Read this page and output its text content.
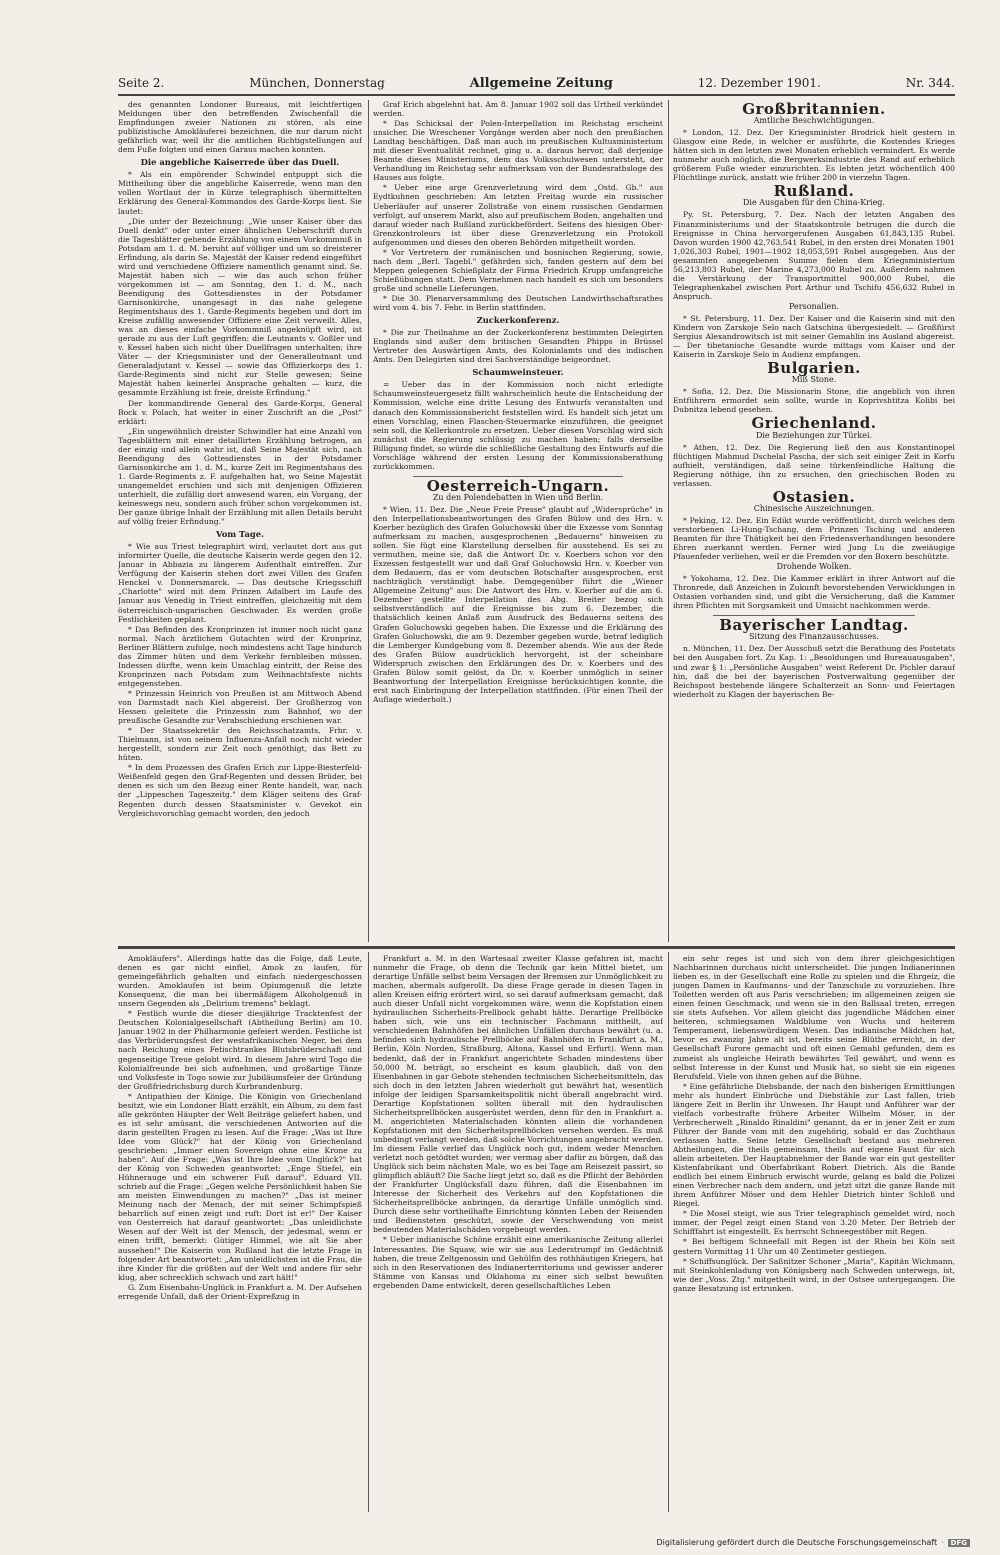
Seite 2.	München, Donnerstag	Allgemeine Zeitung	12. Dezember 1901.	Nr. 344.

des genannten Londoner Bureaus, mit leichtfertigen Meldungen über den betreffenden Zwischenfall die Empfindungen zweier Nationen zu stören, als eine publizistische Amokläuferei bezeichnen, die nur darum nicht gefährlich war, weil ihr die amtlichen Richtigstellungen auf dem Fuße folgten und einen Garaus machen konnten.

Die angebliche Kaiserrede über das Duell.

* Als ein empörender Schwindel entpuppt sich die Mittheilung über die angebliche Kaiserrede, wenn man den vollen Wortlaut der in Kürze telegraphisch übermittelten Erklärung des General-Kommandos des Garde-Korps liest. Sie lautet:

„Die unter der Bezeichnung: „Wie unser Kaiser über das Duell denkt" oder unter einer ähnlichen Ueberschrift durch die Tagesblätter gehende Erzählung von einem Vorkommniß in Potsdam am 1. d. M. beruht auf völliger und um so dreisterer Erfindung, als darin Se. Majestät der Kaiser redend eingeführt wird und verschiedene Offiziere namentlich genannt sind. Se. Majestät haben sich — wie das auch schon früher vorgekommen ist — am Sonntag, den 1. d. M., nach Beendigung des Gottesdienstes in der Potsdamer Garnisonkirche, unangesagt in das nahe gelegene Regimentshaus des 1. Garde-Regiments begeben und dort im Kreise zufällig anwesender Offiziere eine Zeit verweilt. Alles, was an dieses einfache Vorkommniß angeknüpft wird, ist gerade zu aus der Luft gegriffen: die Leutnants v. Goßler und v. Kessel haben sich nicht über Duellfragen unterhalten; ihre Väter — der Kriegsminister und der Generalleutnant und Generaladjutant v. Kessel — sowie das Offizierkorps des 1. Garde-Regiments sind nicht zur Stelle gewesen; Seine Majestät haben keinerlei Ansprache gehalten — kurz, die gesammte Erzählung ist freie, dreiste Erfindung."

Der kommandirende General des Garde-Korps, General Bock v. Polach, hat weiter in einer Zuschrift an die „Post" erklärt:

„Ein ungewöhnlich dreister Schwindler hat eine Anzahl von Tagesblättern mit einer detaillirten Erzählung betrogen, an der einzig und allein wahr ist, daß Seine Majestät sich, nach Beendigung des Gottesdienstes in der Potsdamer Garnisonkirche am 1. d. M., kurze Zeit im Regimentshaus des 1. Garde-Regiments z. F. aufgehalten hat, wo Seine Majestät unangemeldet erschien und sich mit denjenigen Offizieren unterhielt, die zufällig dort anwesend waren, ein Vorgang, der keineswegs neu, sondern auch früher schon vorgekommen ist. Der ganze übrige Inhalt der Erzählung mit allen Details beruht auf völlig freier Erfindung."

Vom Tage.

* Wie aus Triest telegraphirt wird, verlautet dort aus gut informirter Quelle, die deutsche Kaiserin werde gegen den 12. Januar in Abbazia zu längerem Aufenthalt eintreffen. Zur Verfügung der Kaiserin stehen dort zwei Villen des Grafen Henckel v. Donnersmarck. — Das deutsche Kriegsschiff „Charlotte" wird mit dem Prinzen Adalbert im Laufe des Januar aus Venedig in Triest eintreffen, gleichzeitig mit dem österreichisch-ungarischen Geschwader. Es werden große Festlichkeiten geplant.

* Das Befinden des Kronprinzen ist immer noch nicht ganz normal. Nach ärztlichem Gutachten wird der Kronprinz, Berliner Blättern zufolge, noch mindestens acht Tage hindurch das Zimmer hüten und dem Verkehr fernbleiben müssen. Indessen dürfte, wenn kein Umschlag eintritt, der Reise des Kronprinzen nach Potsdam zum Weihnachtsfeste nichts entgegenstehen.

* Prinzessin Heinrich von Preußen ist am Mittwoch Abend von Darmstadt nach Kiel abgereist. Der Großherzog von Hessen geleitete die Prinzessin zum Bahnhof, wo der preußische Gesandte zur Verabschiedung erschienen war.

* Der Staatssekretär des Reichsschatzamts, Frhr. v. Thielmann, ist von seinem Influenza-Anfall noch nicht wieder hergestellt, sondern zur Zeit noch genöthigt, das Bett zu hüten.

* In dem Prozessen des Grafen Erich zur Lippe-Biesterfeld-Weißenfeld gegen den Graf-Regenten und dessen Brüder, bei denen es sich um den Bezug einer Rente handelt, war, nach der „Lippeschen Tageszeitg." dem Kläger seitens des Graf-Regenten durch dessen Staatsminister v. Gevekot ein Vergleichsvorschlag gemacht worden, den jedoch

Graf Erich abgelehnt hat. Am 8. Januar 1902 soll das Urtheil verkündet werden.

* Das Schicksal der Polen-Interpellation im Reichstag erscheint unsicher. Die Wreschener Vorgänge werden aber noch den preußischen Landtag beschäftigen. Daß man auch im preußischen Kultusministerium mit dieser Eventualität rechnet, ging u. a. daraus hervor, daß derjenige Beamte dieses Ministeriums, dem das Volksschulwesen untersteht, der Verhandlung im Reichstag sehr aufmerksam von der Bundesrathsloge des Hauses aus folgte.

* Ueber eine arge Grenzverletzung wird dem „Ostd. Gb." aus Eydtkuhnen geschrieben: Am letzten Freitag wurde ein russischer Ueberläufer auf unserer Zollstraße von einem russischen Gendarmen verfolgt, auf unserem Markt, also auf preußischem Boden, angehalten und darauf wieder nach Rußland zurückbefördert. Seitens des hiesigen Ober-Grenzkontroleurs ist über diese Grenzverletzung ein Protokoll aufgenommen und dieses den oberen Behörden mitgetheilt worden.

* Vor Vertretern der rumänischen und bosnischen Regierung, sowie, nach dem „Berl. Tagebl." gefährden sich, fanden gestern auf dem bei Meppen gelegenen Schießplatz der Firma Friedrich Krupp umfangreiche Schießübungen statt. Dem Vernehmen nach handelt es sich um besonders große und schnelle Lieferungen.

* Die 30. Plenarversammlung des Deutschen Landwirthschaftsrathes wird vom 4. bis 7. Febr. in Berlin stattfinden.

Zuckerkonferenz.

* Die zur Theilnahme an der Zuckerkonferenz bestimmten Delegirten Englands sind außer dem britischen Gesandten Phipps in Brüssel Vertreter des Auswärtigen Amts, des Kolonialamts und des indischen Amts. Den Delegirten sind drei Sachverständige beigeordnet.

Schaumweinsteuer.

= Ueber das in der Kommission noch nicht erledigte Schaumweinsteuergesetz fällt wahrscheinlich heute die Entscheidung der Kommission, welche eine dritte Lesung des Entwurfs veranstalten und danach den Kommissionsbericht feststellen wird. Es handelt sich jetzt um einen Vorschlag, einen Flaschen-Steuermarke einzuführen, die geeignet sein soll, die Kellerkontrole zu ersetzen. Ueber diesen Vorschlag wird sich zunächst die Regierung schlüssig zu machen haben; falls derselbe Billigung findet, so würde die schließliche Gestaltung des Entwurfs auf die Vorschläge während der ersten Lesung der Kommissionsberathung zurückkommen.

Oesterreich-Ungarn.
Zu den Polendebatten in Wien und Berlin.

* Wien, 11. Dez. Die „Neue Freie Presse" glaubt auf „Widersprüche" in den Interpellationsbeantwortungen des Grafen Bülow und des Hrn. v. Koerber bezüglich des Grafen Goluchowski über die Exzesse vom Sonntag aufmerksam zu machen, ausgesprochenen „Bedauerns" hinweisen zu sollen. Sie fügt eine Klarstellung derselben für ausstehend. Es sei zu vermuthen, meine sie, daß die Antwort Dr. v. Koerbers schon vor den Exzessen festgestellt war und daß Graf Goluchowski Hrn. v. Koerber von dem Bedauern, das er vom deutschen Botschafter ausgesprochen, erst nachträglich verständigt habe. Demgegenüber führt die „Wiener Allgemeine Zeitung" aus: Die Antwort des Hrn. v. Koerber auf die am 6. Dezember gestellte Interpellation des Abg. Breiter bezog sich selbstverständlich auf die Ereignisse bis zum 6. Dezember, die thatsächlich keinen Anlaß zum Ausdruck des Bedauerns seitens des Grafen Goluchowski gegeben haben. Die Exzesse und die Erklärung des Grafen Goluchowski, die am 9. Dezember gegeben wurde, betraf lediglich die Lemberger Kundgebung vom 8. Dezember abends. Wie aus der Rede des Grafen Bülow ausdrücklich hervorgeht, ist der scheinbare Widerspruch zwischen den Erklärungen des Dr. v. Koerbers und des Grafen Bülow somit gelöst, da Dr. v. Koerber unmöglich in seiner Beantwortung der Interpellation Ereignisse berücksichtigen konnte, die erst nach Einbringung der Interpellation stattfinden. (Für einen Theil der Auflage wiederholt.)

Großbritannien.
Amtliche Beschwichtigungen.

* London, 12. Dez. Der Kriegsminister Brodrick hielt gestern in Glasgow eine Rede, in welcher er ausführte, die Kostendes Krieges hätten sich in den letzten zwei Monaten erheblich vermindert. Es werde nunmehr auch möglich, die Bergwerksindustrie des Rand auf erheblich größerem Fuße wieder einzurichten. Es lebten jetzt wöchentlich 400 Flüchtlinge zurück, anstatt wie früher 200 in vierzehn Tagen.

Rußland.
Die Ausgaben für den China-Krieg.

Py. St. Petersburg, 7. Dez. Nach der letzten Angaben des Finanzministeriums und der Staatskontrole betrugen die durch die Ereignisse in China hervorgerufenen Ausgaben 61,843,135 Rubel. Davon wurden 1900 42,763,541 Rubel, in den ersten drei Monaten 1901 1,026,303 Rubel, 1901—1902 18,053,591 Rubel ausgegeben. Aus der gesammten angegebenen Summe fielen dem Kriegsministerium 56,213,803 Rubel, der Marine 4,273,000 Rubel zu. Außerdem nahmen die Verstärkung der Transportmittel 900,000 Rubel, die Telegraphenkabel zwischen Port Arthur und Tschifu 456,632 Rubel in Anspruch.

Personalien.

* St. Petersburg, 11. Dez. Der Kaiser und die Kaiserin sind mit den Kindern von Zarskoje Selo nach Gatschina übergesiedelt. — Großfürst Sergius Alexandrowitsch ist mit seiner Gemahlin ins Ausland abgereist. — Der tibetanische Gesandte wurde mittags vom Kaiser und der Kaiserin in Zarskoje Selo in Audienz empfangen.

Bulgarien.
Miß Stone.

* Sofia, 12. Dez. Die Missionarin Stone, die angeblich von ihren Entführern ermordet sein sollte, wurde in Koprivshtitza Kolibi bei Dubnitza lebend gesehen.

Griechenland.
Die Beziehungen zur Türkei.

* Athen, 12. Dez. Die Regierung ließ den aus Konstantinopel flüchtigen Mahmud Dschelal Pascha, der sich seit einiger Zeit in Korfu aufhielt, verständigen, daß seine türkenfeindliche Haltung die Regierung nöthige, ihn zu ersuchen, den griechischen Boden zu verlassen.

Ostasien.
Chinesische Auszeichnungen.

* Peking, 12. Dez. Ein Edikt wurde veröffentlicht, durch welches dem verstorbenen Li-Hung-Tschang, dem Prinzen Tsching und anderen Beamten für ihre Thätigkeit bei den Friedensverhandlungen besondere Ehren zuerkannt werden. Ferner wird Jung Lu die zweiäugige Pfauenfeder verliehen, weil er die Fremden vor den Boxern beschützte.

Drohende Wolken.

* Yokohama, 12. Dez. Die Kammer erklärt in ihrer Antwort auf die Thronrede, daß Anzeichen in Zukunft bevorstehenden Verwicklungen in Ostasien vorhanden sind, und gibt die Versicherung, daß die Kammer ihren Pflichten mit Sorgsamkeit und Umsicht nachkommen werde.

Bayerischer Landtag.
Sitzung des Finanzausschusses.

n. München, 11. Dez. Der Ausschuß setzt die Berathung des Postetats bei den Ausgaben fort. Zu Kap. 1: „Besoldungen und Bureauausgaben", und zwar § 1: „Persönliche Ausgaben" weist Referent Dr. Pichler darauf hin, daß die bei der bayerischen Postverwaltung gegenüber der Reichspost bestehende längere Schalterzeit an Sonn- und Feiertagen wiederholt zu Klagen der bayerischen Be-

Amokläufers". Allerdings hatte das die Folge, daß Leute, denen es gar nicht einfiel, Amok zu laufen, für gemeingefährlich gehalten und einfach niedergeschossen wurden. Amoklaufen ist beim Opiumgenuß die letzte Konsequenz, die man bei übermäßigem Alkoholgenuß in unsern Gegenden als „Delirium tremens" beklagt.

* Festlich wurde die dieser diesjährige Tracktenfest der Deutschen Kolonialgesellschaft (Abtheilung Berlin) am 10. Januar 1902 in der Philharmonie gefeiert werden. Festliche ist das Verbrüderungsfest der westafrikanischen Neger, bei dem nach Reichung eines Fetischtrankes Blutsbrüderschaft und gegenseitige Treue gelobt wird. In diesem Jahre wird Togo die Kolonialfreunde bei sich aufnehmen, und großartige Tänze und Volksfeste in Togo sowie zur Jubiläumsfeier der Gründung der Großfriedrichsburg durch Kurbrandenburg.

* Antipathien der Könige. Die Königin von Griechenland besitzt, wie ein Londoner Blatt erzählt, ein Album, zu dem fast alle gekrönten Häupter der Welt Beiträge geliefert haben, und es ist sehr amüsant, die verschiedenen Antworten auf die darin gestellten Fragen zu lesen. Auf die Frage: „Was ist Ihre Idee vom Glück?" hat der König von Griechenland geschrieben: „Immer einen Sovereign ohne eine Krone zu haben". Auf die Frage: „Was ist Ihre Idee vom Unglück?" hat der König von Schweden geantwortet: „Enge Stiefel, ein Hühnerauge und ein schwerer Fuß darauf". Eduard VII. schrieb auf die Frage: „Gegen welche Persönlichkeit haben Sie am meisten Einwendungen zu machen?" „Das ist meiner Meinung nach der Mensch, der mit seiner Schimpfspieß beharrlich auf einen zeigt und ruft: Dort ist er!" Der Kaiser von Oesterreich hat darauf geantwortet: „Das unleidlichste Wesen auf der Welt ist der Mensch, der jedesmal, wenn er einen trifft, bemerkt: Gütiger Himmel, wie alt Sie aber aussehen!" Die Kaiserin von Rußland hat die letzte Frage in folgender Art beantwortet: „Am unleidlichsten ist die Frau, die ihre Kinder für die größten auf der Welt und andere für sehr klug, aber schrecklich schwach und zart hält!"

G. Zum Eisenbahn-Unglück in Frankfurt a. M. Der Aufsehen erregende Unfall, daß der Orient-Expreßzug in

Frankfurt a. M. in den Wartesaal zweiter Klasse gefahren ist, macht nunmehr die Frage, ob denn die Technik gar kein Mittel bietet, um derartige Unfälle selbst beim Versagen der Bremsen zur Unmöglichkeit zu machen, abermals aufgerollt. Da diese Frage gerade in diesen Tagen in allen Kreisen eifrig erörtert wird, so sei darauf aufmerksam gemacht, daß auch dieser Unfall nicht vorgekommen wäre, wenn die Kopfstation einen hydraulischen Sicherheits-Prellbock gehabt hätte. Derartige Prellböcke haben sich, wie uns ein technischer Fachmann mittheilt, auf verschiedenen Bahnhöfen bei ähnlichen Unfällen durchaus bewährt (u. a. befinden sich hydraulische Prellböcke auf Bahnhöfen in Frankfurt a. M., Berlin, Köln Norden, Straßburg, Altona, Kassel und Erfurt). Wenn man bedenkt, daß der in Frankfurt angerichtete Schaden mindestens über 50,000 M. beträgt, so erscheint es kaum glaublich, daß von den Eisenbahnen in gar Gebote stehenden technischen Sicherheitsmitteln, das sich doch in den letzten Jahren wiederholt gut bewährt hat, wesentlich infolge der leidigen Sparsamkeitspolitik nicht überall angebracht wird. Derartige Kopfstationen sollten überall mit den hydraulischen Sicherheitsprellböcken ausgerüstet werden, denn für den in Frankfurt a. M. angerichteten Materialschaden könnten allein die vorhandenen Kopfstationen mit den Sicherheitsprellböcken versehen werden. Es muß unbedingt verlangt werden, daß solche Vorrichtungen angebracht werden. Im diesem Falle verlief das Unglück noch gut, indem weder Menschen verletzt noch getödtet wurden; wer vermag aber dafür zu bürgen, daß das Unglück sich beim nächsten Male, wo es bei Tage am Reisezeit passirt, so glimpflich abläuft? Die Sache liegt jetzt so, daß es die Pflicht der Behörden der Frankfurter Unglücksfall dazu führen, daß die Eisenbahnen im Interesse der Sicherheit des Verkehrs auf den Kopfstationen die Sicherheitsprellböcke anbringen, da derartige Unfälle unmöglich sind. Durch diese sehr vortheilhafte Einrichtung könnten Leben der Reisenden und Bediensteten geschützt, sowie der Verschwendung von meist bedeutenden Materialschäden vorgebeugt werden.

* Ueber indianische Schöne erzählt eine amerikanische Zeitung allerlei Interessantes. Die Squaw, wie wir sie aus Lederstrumpf im Gedächtniß haben, die treue Zeltgenossin und Gehülfin des rothhäutigen Kriegers, hat sich in den Reservationen des Indianerterritoriums und gewisser anderer Stämme von Kansas und Oklahoma zu einer sich selbst bewußten ergebenden Dame entwickelt, deren gesellschaftliches Leben

ein sehr reges ist und sich von dem ihrer gleichgesichtigen Nachbarinnen durchaus nicht unterscheidet. Die jungen Indianerinnen lieben es, in der Gesellschaft eine Rolle zu spielen und die Ehrgeiz, die jungen Damen in Kaufmanns- und der Tanzschule zu vorzuziehen. Ihre Toiletten werden oft aus Paris verschrieben; im allgemeinen zeigen sie einen feinen Geschmack, und wenn sie in den Ballsaal treten, erregen sie stets Aufsehen. Vor allem gleicht das jugendliche Mädchen einer heiteren, schmiegsamen Waldblume von Wuchs und heiterem Temperament, liebenswürdigem Wesen. Das indianische Mädchen hat, bevor es zwanzig Jahre alt ist, bereits seine Blüthe erreicht, in der Gesellschaft Furore gemacht und oft einen Gemahl gefunden, dem es zumeist als ungleiche Heirath bewährtes Teil gewährt, und wenn es selbst Interesse in der Kunst und Musik hat, so sieht sie ein eigenes Berufsfeld. Viele von ihnen gehen auf die Bühne.

* Eine gefährliche Diebsbande, der nach den bisherigen Ermittlungen mehr als hundert Einbrüche und Diebstähle zur Last fallen, trieb längere Zeit in Berlin ihr Unwesen. Ihr Haupt und Anführer war der vielfach vorbestrafte frühere Arbeiter Wilhelm Möser, in der Verbrecherwelt „Rinaldo Rinaldini" genannt, da er in jener Zeit er zum Führer der Bande vom mit den zugehörig, sobald er das Zuchthaus verlassen hatte. Seine letzte Gesellschaft bestand aus mehreren Abtheilungen, die theils gemeinsam, theils auf eigene Faust für sich allein arbeiteten. Der Hauptabnehmer der Bande war ein gut gestellter Kistenfabrikant und Oberfabrikant Robert Dietrich. Als die Bande endlich bei einem Einbruch erwischt wurde, gelang es bald die Polizei einen Verbrecher nach dem andern, und jetzt sitzt die ganze Bande mit ihrem Anführer Möser und dem Hehler Dietrich hinter Schloß und Riegel.

* Die Mosel steigt, wie aus Trier telegraphisch gemeldet wird, noch immer, der Pegel zeigt einen Stand von 3.20 Meter. Der Betrieb der Schifffahrt ist eingestellt. Es herrscht Schneegestöber mit Regen.

* Bei heftigem Schneefall mit Regen ist der Rhein bei Köln seit gestern Vormittag 11 Uhr um 40 Zentimeter gestiegen.

* Schiffsunglück. Der Saßnitzer Schoner „Maria", Kapitän Wichmann, mit Steinkohlenladung von Königsberg nach Schweden unterwegs, ist, wie der „Voss. Ztg." mitgetheilt wird, in der Ostsee untergegangen. Die ganze Besatzung ist ertrunken.

Digitalisierung gefördert durch die Deutsche Forschungsgemeinschaft ·	DFG
